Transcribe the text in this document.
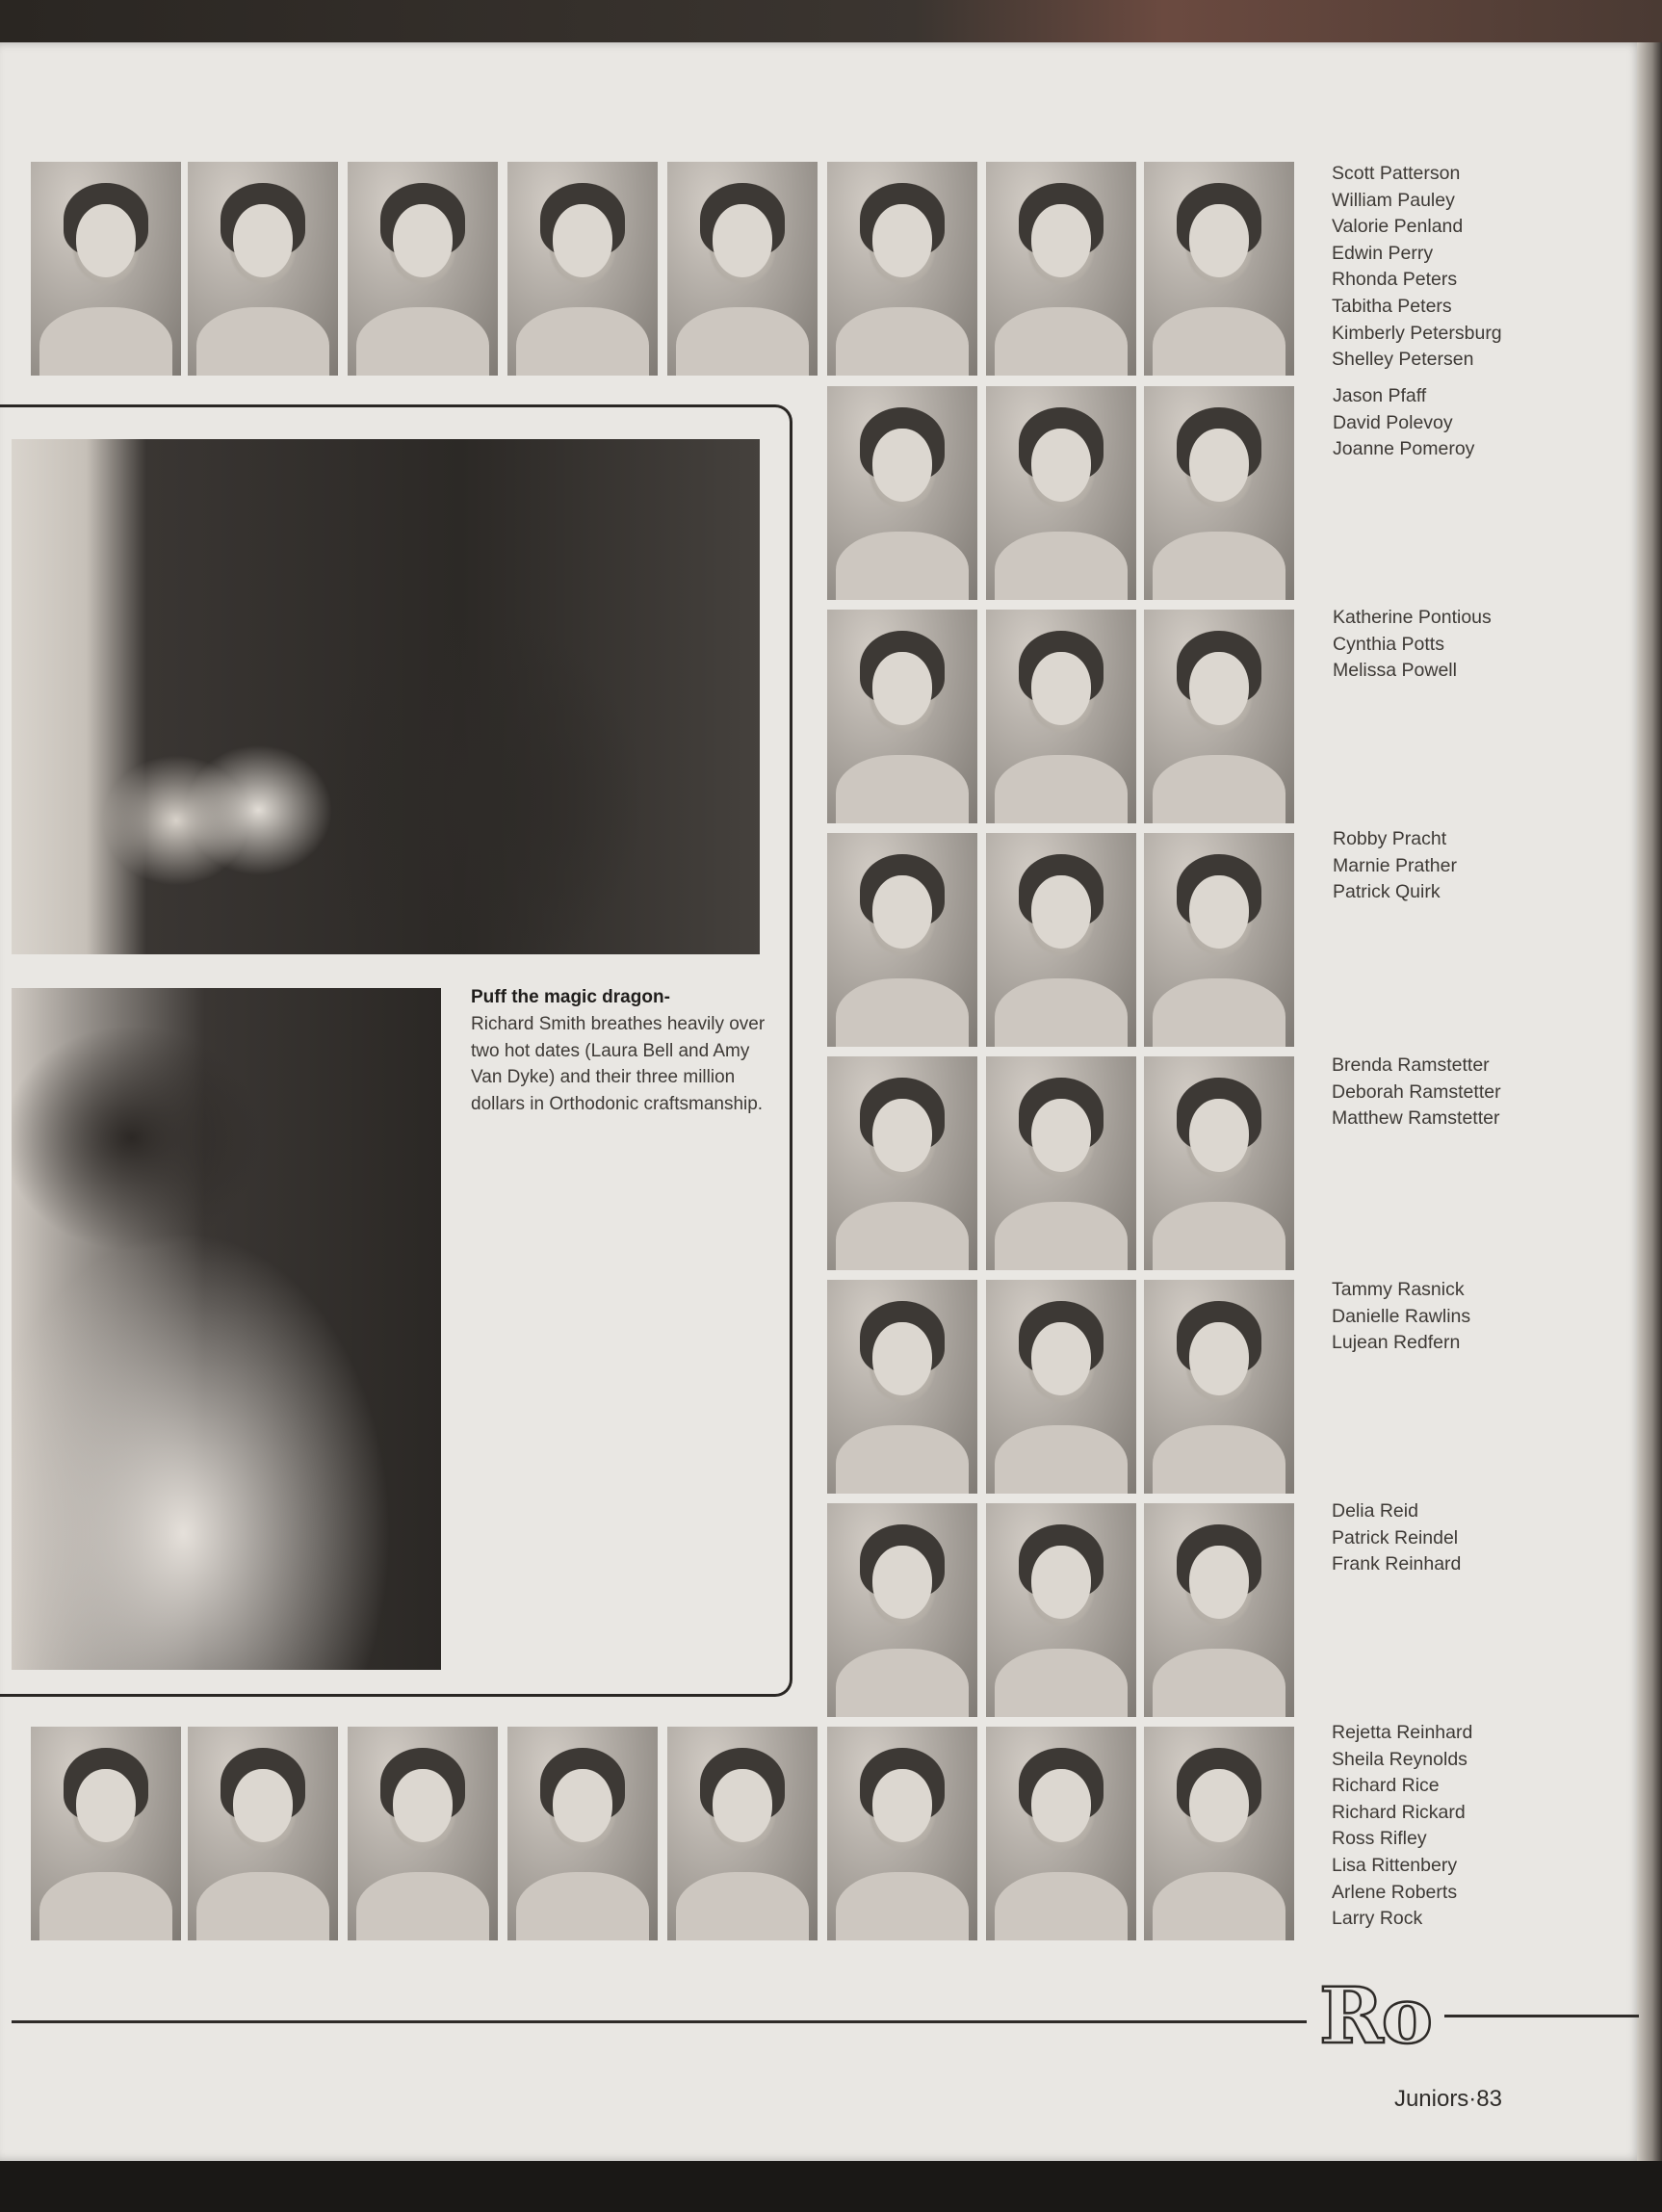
Scott Patterson
William Pauley
Valorie Penland
Edwin Perry
Rhonda Peters
Tabitha Peters
Kimberly Petersburg
Shelley Petersen
Jason Pfaff
David Polevoy
Joanne Pomeroy
Katherine Pontious
Cynthia Potts
Melissa Powell
Robby Pracht
Marnie Prather
Patrick Quirk
Brenda Ramstetter
Deborah Ramstetter
Matthew Ramstetter
Tammy Rasnick
Danielle Rawlins
Lujean Redfern
Delia Reid
Patrick Reindel
Frank Reinhard
Rejetta Reinhard
Sheila Reynolds
Richard Rice
Richard Rickard
Ross Rifley
Lisa Rittenbery
Arlene Roberts
Larry Rock

Puff the magic dragon-
Richard Smith breathes heavily over two hot dates (Laura Bell and Amy Van Dyke) and their three million dollars in Orthodonic craftsmanship.

Ro

Juniors·83
